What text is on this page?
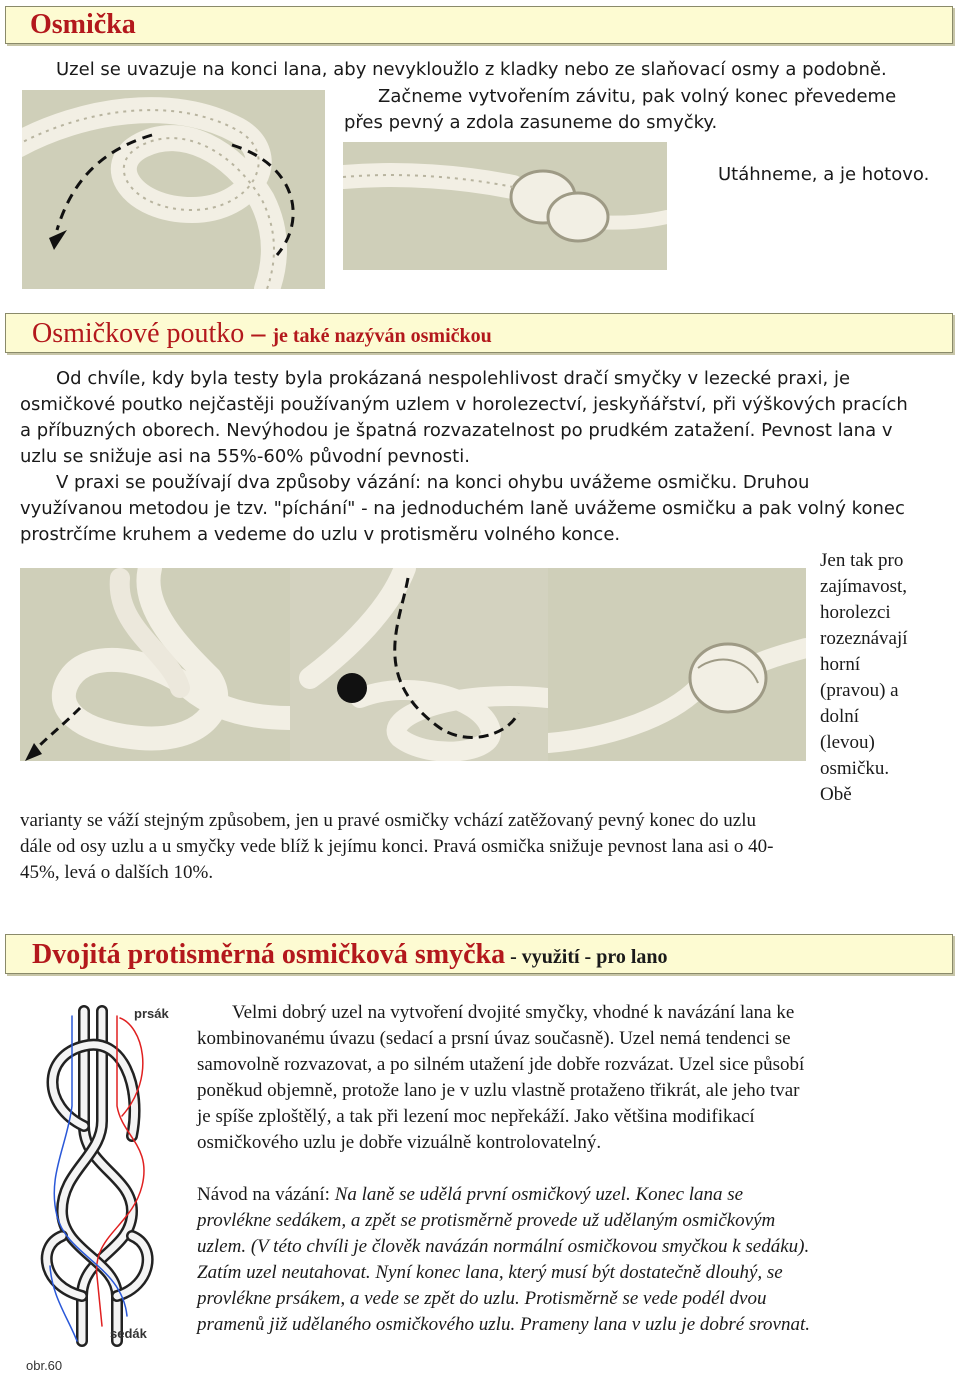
Osmička
Uzel se uvazuje na konci lana, aby nevykloužlo z kladky nebo ze slaňovací osmy a podobně.
Začneme vytvořením závitu, pak volný konec převedeme
přes pevný a zdola zasuneme do smyčky.
Utáhneme, a je hotovo.
Osmičkové poutko – je také nazýván osmičkou
Od chvíle, kdy byla testy byla prokázaná nespolehlivost dračí smyčky v lezecké praxi, je
osmičkové poutko nejčastěji používaným uzlem v horolezectví, jeskyňářství, při výškových pracích
a příbuzných oborech. Nevýhodou je špatná rozvazatelnost po prudkém zatažení. Pevnost lana v
uzlu se snižuje asi na 55%-60% původní pevnosti.
V praxi se používají dva způsoby vázání: na konci ohybu uvážeme osmičku. Druhou
využívanou metodou je tzv. "píchání" - na jednoduchém laně uvážeme osmičku a pak volný konec
prostrčíme kruhem a vedeme do uzlu v protisměru volného konce.
Jen tak pro
zajímavost,
horolezci
rozeznávají
horní
(pravou) a
dolní
(levou)
osmičku.
Obě
varianty se váží stejným způsobem, jen u pravé osmičky vchází zatěžovaný pevný konec do uzlu
dále od osy uzlu a u smyčky vede blíž k jejímu konci. Pravá osmička snižuje pevnost lana asi o 40-
45%, levá o dalších 10%.
Dvojitá protisměrná osmičková smyčka - využití - pro lano
prsák
sedák
obr.60
Velmi dobrý uzel na vytvoření dvojité smyčky, vhodné k navázání lana ke
kombinovanému úvazu (sedací a prsní úvaz současně). Uzel nemá tendenci se
samovolně rozvazovat, a po silném utažení jde dobře rozvázat. Uzel sice působí
poněkud objemně, protože lano je v uzlu vlastně protaženo třikrát, ale jeho tvar
je spíše zploštělý, a tak při lezení moc nepřekáží. Jako většina modifikací
osmičkového uzlu je dobře vizuálně kontrolovatelný.
Návod na vázání: Na laně se udělá první osmičkový uzel. Konec lana se
provlékne sedákem, a zpět se protisměrně provede už udělaným osmičkovým
uzlem. (V této chvíli je člověk navázán normální osmičkovou smyčkou k sedáku).
Zatím uzel neutahovat. Nyní konec lana, který musí být dostatečně dlouhý, se
provlékne prsákem, a vede se zpět do uzlu. Protisměrně se vede podél dvou
pramenů již udělaného osmičkového uzlu. Prameny lana v uzlu je dobré srovnat.
